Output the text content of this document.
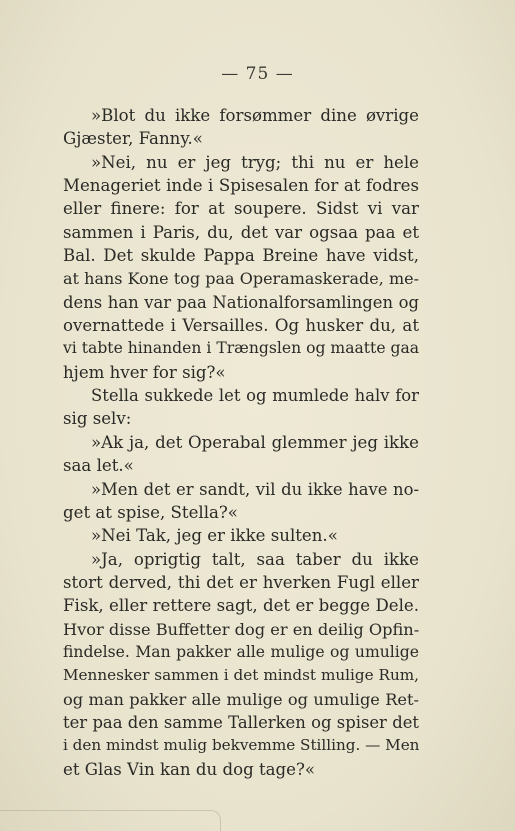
— 75 —
»Blot du ikke forsømmer dine øvrige
Gjæster, Fanny.«
»Nei, nu er jeg tryg; thi nu er hele
Menageriet inde i Spisesalen for at fodres
eller finere: for at soupere. Sidst vi var
sammen i Paris, du, det var ogsaa paa et
Bal. Det skulde Pappa Breine have vidst,
at hans Kone tog paa Operamaskerade, me-
dens han var paa Nationalforsamlingen og
overnattede i Versailles. Og husker du, at
vi tabte hinanden i Trængslen og maatte gaa
hjem hver for sig?«
Stella sukkede let og mumlede halv for
sig selv:
»Ak ja, det Operabal glemmer jeg ikke
saa let.«
»Men det er sandt, vil du ikke have no-
get at spise, Stella?«
»Nei Tak, jeg er ikke sulten.«
»Ja, oprigtig talt, saa taber du ikke
stort derved, thi det er hverken Fugl eller
Fisk, eller rettere sagt, det er begge Dele.
Hvor disse Buffetter dog er en deilig Opfin-
findelse. Man pakker alle mulige og umulige
Mennesker sammen i det mindst mulige Rum,
og man pakker alle mulige og umulige Ret-
ter paa den samme Tallerken og spiser det
i den mindst mulig bekvemme Stilling. — Men
et Glas Vin kan du dog tage?«
